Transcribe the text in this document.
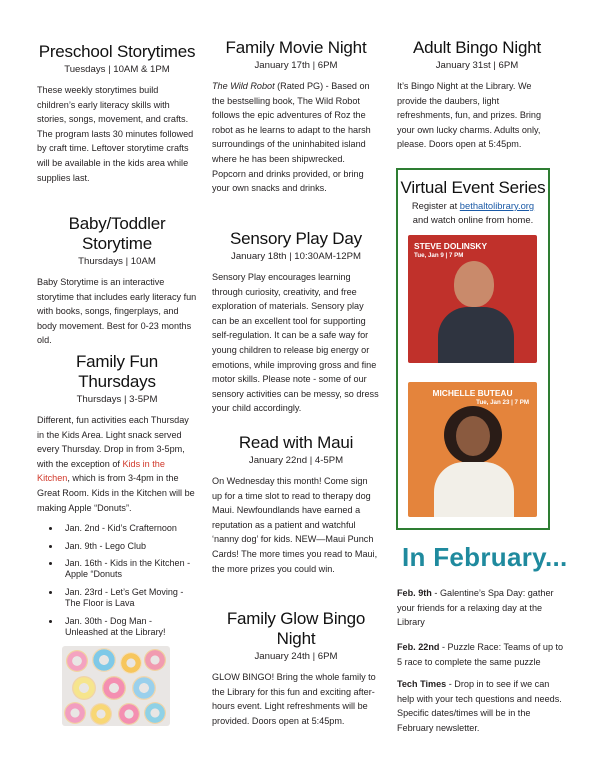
Preschool Storytimes
Tuesdays | 10AM & 1PM

These weekly storytimes build children’s early literacy skills with stories, songs, movement, and crafts. The program lasts 30 minutes followed by craft time. Leftover storytime crafts will be available in the kids area while supplies last.

Baby/Toddler Storytime
Thursdays | 10AM

Baby Storytime is an interactive storytime that includes early literacy fun with books, songs, fingerplays, and body movement. Best for 0-23 months old.

Family Fun Thursdays
Thursdays | 3-5PM

Different, fun activities each Thursday in the Kids Area. Light snack served every Thursday. Drop in from 3-5pm, with the exception of Kids in the Kitchen, which is from 3-4pm in the Great Room. Kids in the Kitchen will be making Apple “Donuts”.

• Jan. 2nd - Kid’s Crafternoon
• Jan. 9th - Lego Club
• Jan. 16th - Kids in the Kitchen - Apple “Donuts
• Jan. 23rd - Let’s Get Moving - The Floor is Lava
• Jan. 30th - Dog Man - Unleashed at the Library!
Family Movie Night
January 17th | 6PM

The Wild Robot (Rated PG) - Based on the bestselling book, The Wild Robot follows the epic adventures of Roz the robot as he learns to adapt to the harsh surroundings of the uninhabited island where he has been shipwrecked. Popcorn and drinks provided, or bring your own snacks and drinks.

Sensory Play Day
January 18th | 10:30AM-12PM

Sensory Play encourages learning through curiosity, creativity, and free exploration of materials. Sensory play can be an excellent tool for supporting self-regulation. It can be a safe way for young children to release big energy or emotions, while improving gross and fine motor skills. Please note - some of our sensory activities can be messy, so dress your child accordingly.

Read with Maui
January 22nd | 4-5PM

On Wednesday this month! Come sign up for a time slot to read to therapy dog Maui. Newfoundlands have earned a reputation as a patient and watchful ‘nanny dog’ for kids. NEW—Maui Punch Cards! The more times you read to Maui, the more prizes you could win.

Family Glow Bingo Night
January 24th | 6PM

GLOW BINGO! Bring the whole family to the Library for this fun and exciting after-hours event. Light refreshments will be provided. Doors open at 5:45pm.

Adult Bingo Night
January 31st | 6PM

It’s Bingo Night at the Library. We provide the daubers, light refreshments, fun, and prizes. Bring your own lucky charms. Adults only, please. Doors open at 5:45pm.

Virtual Event Series
Register at bethaltolibrary.org
and watch online from home.
STEVE DOLINSKY
Tue, Jan 9 | 7 PM
MICHELLE BUTEAU
Tue, Jan 23 | 7 PM
In February...
Feb. 9th - Galentine’s Spa Day: gather your friends for a relaxing day at the Library
Feb. 22nd - Puzzle Race: Teams of up to 5 race to complete the same puzzle
Tech Times - Drop in to see if we can help with your tech questions and needs. Specific dates/times will be in the February newsletter.
